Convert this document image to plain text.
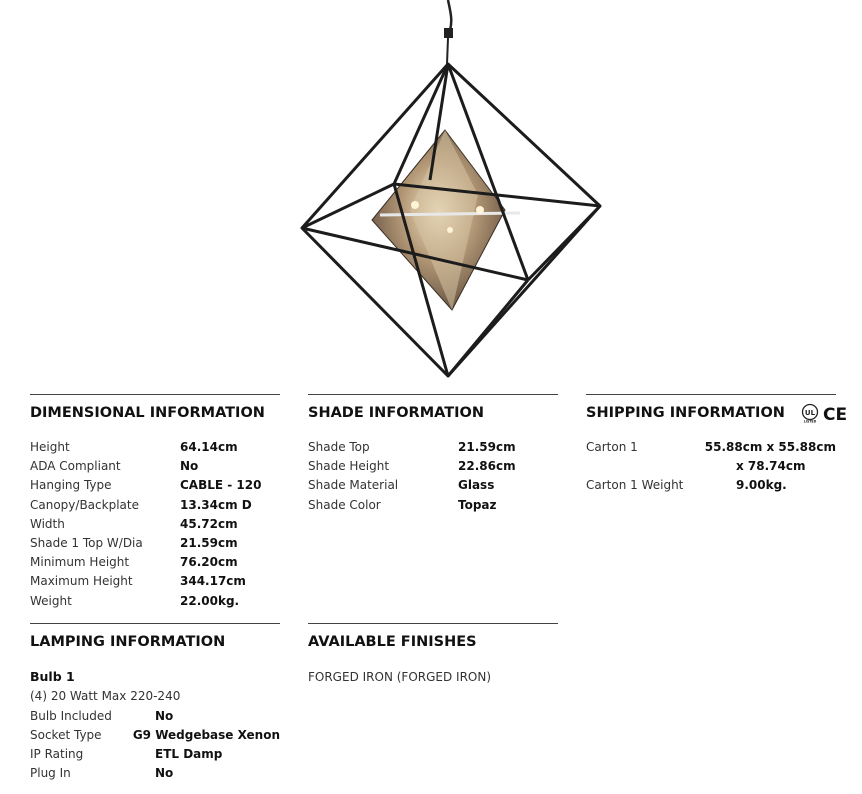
DIMENSIONAL INFORMATION
Height	64.14cm
ADA Compliant	No
Hanging Type	CABLE - 120
Canopy/Backplate	13.34cm D
Width	45.72cm
Shade 1 Top W/Dia	21.59cm
Minimum Height	76.20cm
Maximum Height	344.17cm
Weight	22.00kg.
SHADE INFORMATION
Shade Top	21.59cm
Shade Height	22.86cm
Shade Material	Glass
Shade Color	Topaz
SHIPPING INFORMATION	UL
LISTED CE
Carton 1	55.88cm x 55.88cm
x 78.74cm
Carton 1 Weight	9.00kg.
LAMPING INFORMATION
Bulb 1
(4) 20 Watt Max 220-240
Bulb Included	No
Socket Type	G9 Wedgebase Xenon
IP Rating	ETL Damp
Plug In	No
AVAILABLE FINISHES
FORGED IRON (FORGED IRON)
